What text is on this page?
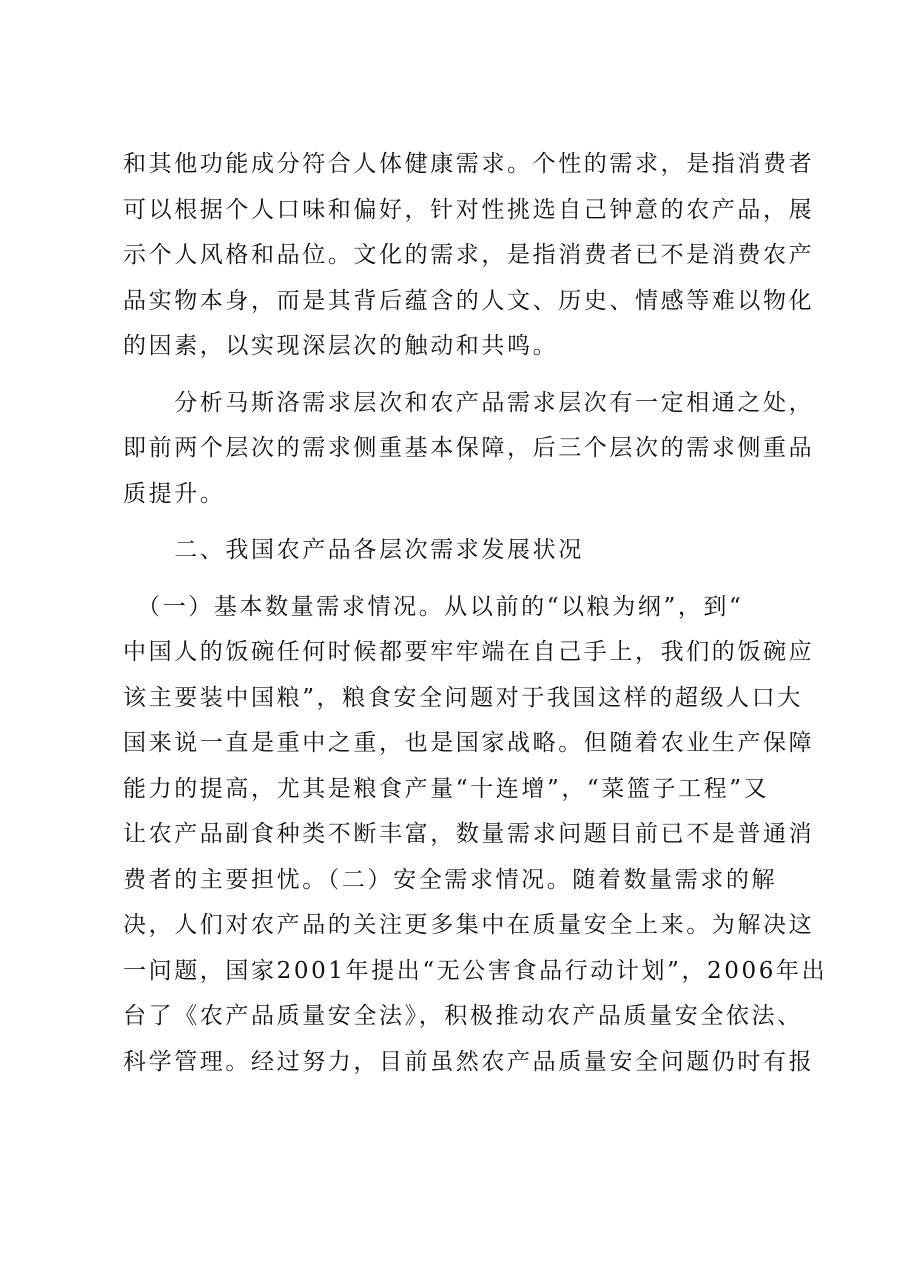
和其他功能成分符合人体健康需求。个性的需求，是指消费者
可以根据个人口味和偏好，针对性挑选自己钟意的农产品，展
示个人风格和品位。文化的需求，是指消费者已不是消费农产
品实物本身，而是其背后蕴含的人文、历史、情感等难以物化
的因素，以实现深层次的触动和共鸣。
　　分析马斯洛需求层次和农产品需求层次有一定相通之处，
即前两个层次的需求侧重基本保障，后三个层次的需求侧重品
质提升。
　　二、我国农产品各层次需求发展状况
　（一）基本数量需求情况。从以前的“以粮为纲”，到“
中国人的饭碗任何时候都要牢牢端在自己手上，我们的饭碗应
该主要装中国粮”，粮食安全问题对于我国这样的超级人口大
国来说一直是重中之重，也是国家战略。但随着农业生产保障
能力的提高，尤其是粮食产量“十连增”，“菜篮子工程”又
让农产品副食种类不断丰富，数量需求问题目前已不是普通消
费者的主要担忧。（二）安全需求情况。随着数量需求的解
决，人们对农产品的关注更多集中在质量安全上来。为解决这
一问题，国家2001年提出“无公害食品行动计划”，2006年出
台了《农产品质量安全法》，积极推动农产品质量安全依法、
科学管理。经过努力，目前虽然农产品质量安全问题仍时有报
